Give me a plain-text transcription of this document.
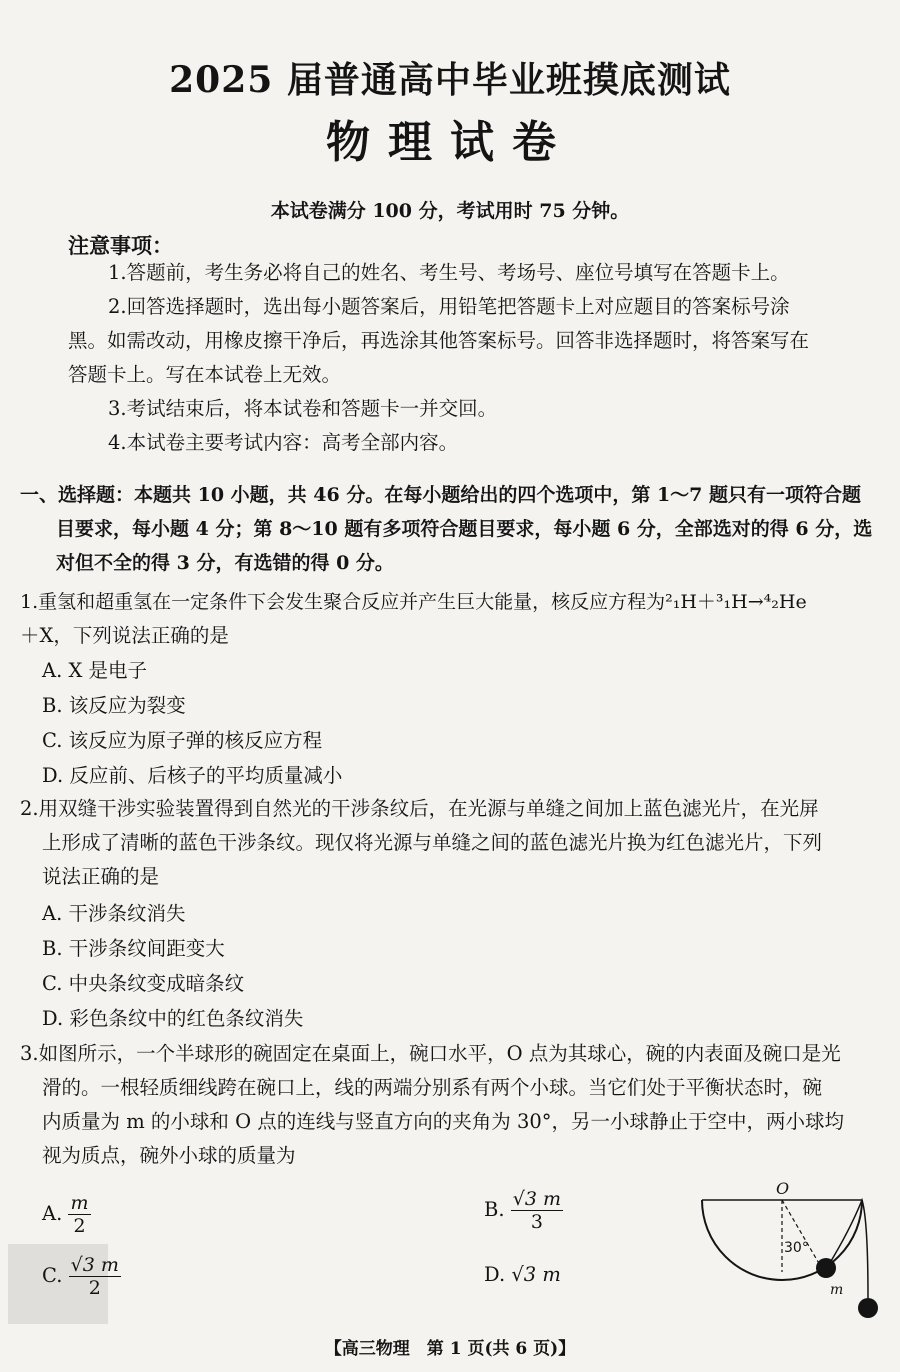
2025 届普通高中毕业班摸底测试
物理试卷
本试卷满分 100 分，考试用时 75 分钟。
注意事项：
1.答题前，考生务必将自己的姓名、考生号、考场号、座位号填写在答题卡上。
2.回答选择题时，选出每小题答案后，用铅笔把答题卡上对应题目的答案标号涂
黑。如需改动，用橡皮擦干净后，再选涂其他答案标号。回答非选择题时，将答案写在
答题卡上。写在本试卷上无效。
3.考试结束后，将本试卷和答题卡一并交回。
4.本试卷主要考试内容：高考全部内容。
一、选择题：本题共 10 小题，共 46 分。在每小题给出的四个选项中，第 1～7 题只有一项符合题
目要求，每小题 4 分；第 8～10 题有多项符合题目要求，每小题 6 分，全部选对的得 6 分，选
对但不全的得 3 分，有选错的得 0 分。
1.重氢和超重氢在一定条件下会发生聚合反应并产生巨大能量，核反应方程为²₁H＋³₁H→⁴₂He
＋X，下列说法正确的是
A. X 是电子
B. 该反应为裂变
C. 该反应为原子弹的核反应方程
D. 反应前、后核子的平均质量减小
2.用双缝干涉实验装置得到自然光的干涉条纹后，在光源与单缝之间加上蓝色滤光片，在光屏
上形成了清晰的蓝色干涉条纹。现仅将光源与单缝之间的蓝色滤光片换为红色滤光片，下列
说法正确的是
A. 干涉条纹消失
B. 干涉条纹间距变大
C. 中央条纹变成暗条纹
D. 彩色条纹中的红色条纹消失
3.如图所示，一个半球形的碗固定在桌面上，碗口水平，O 点为其球心，碗的内表面及碗口是光
滑的。一根轻质细线跨在碗口上，线的两端分别系有两个小球。当它们处于平衡状态时，碗
内质量为 m 的小球和 O 点的连线与竖直方向的夹角为 30°，另一小球静止于空中，两小球均
视为质点，碗外小球的质量为
A. $\frac{m}{2}$	B. $\frac{√3 m}{3}$
C. $\frac{√3 m}{2}$	D. √3 m
O
30°
m
【高三物理　第 1 页(共 6 页)】
